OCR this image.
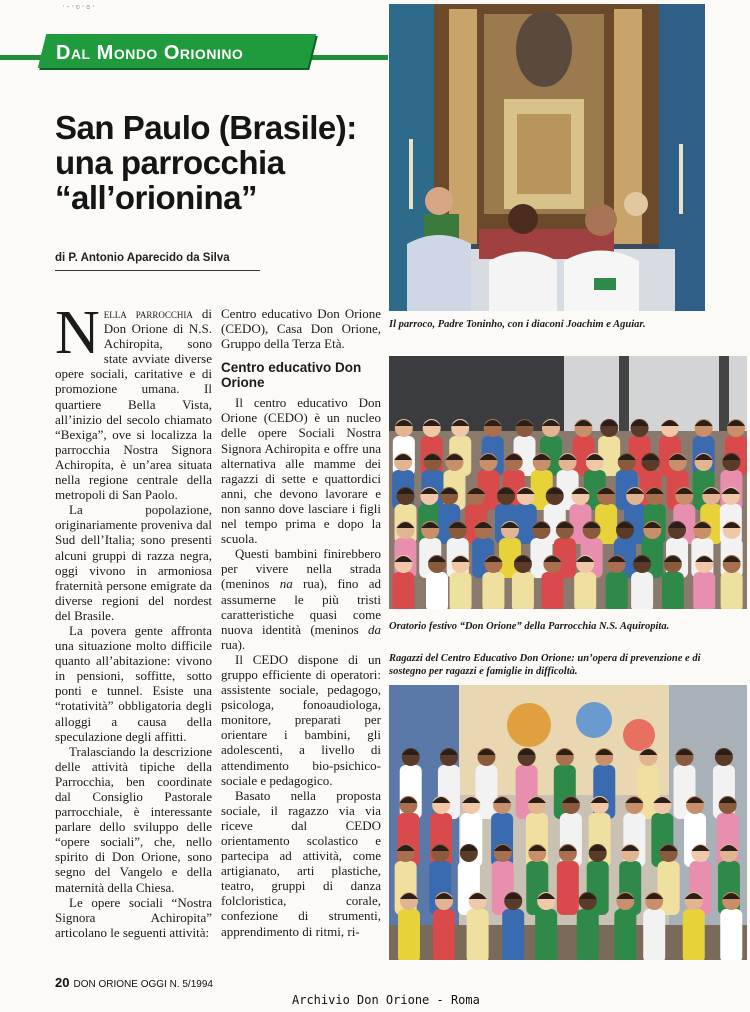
·-·ʋ·ɞ·
Dal Mondo Orionino
San Paulo (Brasile):
una parrocchia
“all’orionina”
di P. Antonio Aparecido da Silva

Nella parrocchia di Don Orione di N.S. Achiropita, sono state avviate diverse opere sociali, caritative e di promozione umana. Il quartiere Bella Vista, all’inizio del secolo chiamato “Bexiga”, ove si localizza la parrocchia Nostra Signora Achiropita, è un’area situata nella regione centrale della metropoli di San Paolo.

La popolazione, originariamente proveniva dal Sud dell’Italia; sono presenti alcuni gruppi di razza negra, oggi vivono in armoniosa fraternità persone emigrate da diverse regioni del nordest del Brasile.

La povera gente affronta una situazione molto difficile quanto all’abitazione: vivono in pensioni, soffitte, sotto ponti e tunnel. Esiste una “rotatività” obbligatoria degli alloggi a causa della speculazione degli affitti.

Tralasciando la descrizione delle attività tipiche della Parrocchia, ben coordinate dal Consiglio Pastorale parrocchiale, è interessante parlare dello sviluppo delle “opere sociali”, che, nello spirito di Don Orione, sono segno del Vangelo e della maternità della Chiesa.

Le opere sociali “Nostra Signora Achiropita” articolano le seguenti attività:

Centro educativo Don Orione (CEDO), Casa Don Orione, Gruppo della Terza Età.

Centro educativo Don Orione

Il centro educativo Don Orione (CEDO) è un nucleo delle opere Sociali Nostra Signora Achiropita e offre una alternativa alle mamme dei ragazzi di sette e quattordici anni, che devono lavorare e non sanno dove lasciare i figli nel tempo prima e dopo la scuola.

Questi bambini finirebbero per vivere nella strada (meninos na rua), fino ad assumerne le più tristi caratteristiche quasi come nuova identità (meninos da rua).

Il CEDO dispone di un gruppo efficiente di operatori: assistente sociale, pedagogo, psicologa, fonoaudiologa, monitore, preparati per orientare i bambini, gli adolescenti, a livello di attendimento bio-psichico-sociale e pedagogico.

Basato nella proposta sociale, il ragazzo via via riceve dal CEDO orientamento scolastico e partecipa ad attività, come artigianato, arti plastiche, teatro, gruppi di danza folcloristica, corale, confezione di strumenti, apprendimento di ritmi, ri-

Il parroco, Padre Toninho, con i diaconi Joachim e Aguiar.
Oratorio festivo “Don Orione” della Parrocchia N.S. Aquiropita.
Ragazzi del Centro Educativo Don Orione: un’opera di prevenzione e di sostegno per ragazzi e famiglie in difficoltà.
20 DON ORIONE OGGI N. 5/1994
Archivio Don Orione - Roma
